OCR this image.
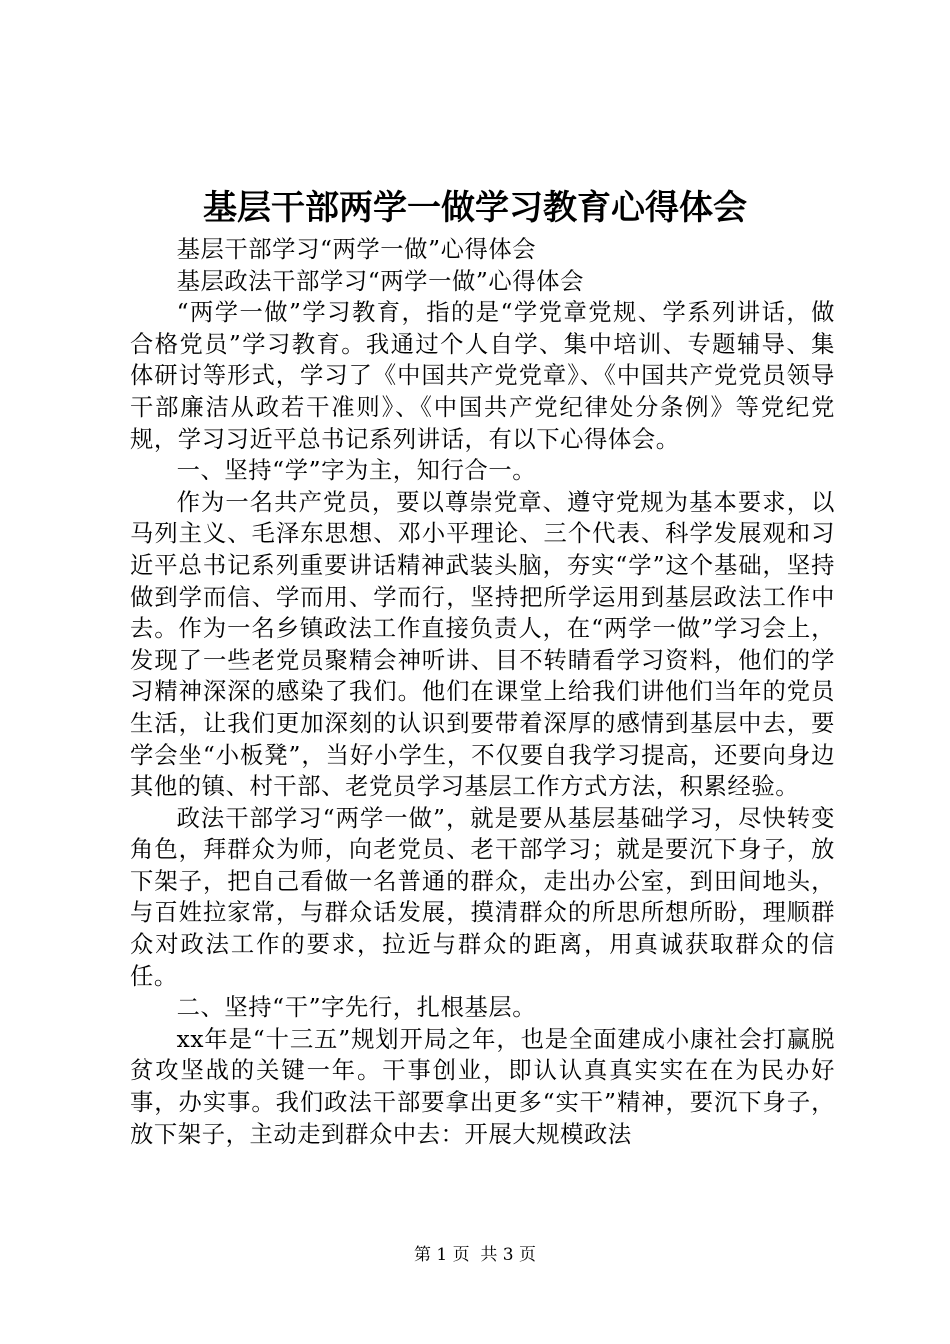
基层干部两学一做学习教育心得体会

基层干部学习“两学一做”心得体会

基层政法干部学习“两学一做”心得体会

“两学一做”学习教育，指的是“学党章党规、学系列讲话，做合格党员”学习教育。我通过个人自学、集中培训、专题辅导、集体研讨等形式，学习了《中国共产党党章》、《中国共产党党员领导干部廉洁从政若干准则》、《中国共产党纪律处分条例》等党纪党规，学习习近平总书记系列讲话，有以下心得体会。

一、坚持“学”字为主，知行合一。

作为一名共产党员，要以尊崇党章、遵守党规为基本要求，以马列主义、毛泽东思想、邓小平理论、三个代表、科学发展观和习近平总书记系列重要讲话精神武装头脑，夯实“学”这个基础，坚持做到学而信、学而用、学而行，坚持把所学运用到基层政法工作中去。作为一名乡镇政法工作直接负责人，在“两学一做”学习会上，发现了一些老党员聚精会神听讲、目不转睛看学习资料，他们的学习精神深深的感染了我们。他们在课堂上给我们讲他们当年的党员生活，让我们更加深刻的认识到要带着深厚的感情到基层中去，要学会坐“小板凳”，当好小学生，不仅要自我学习提高，还要向身边其他的镇、村干部、老党员学习基层工作方式方法，积累经验。

政法干部学习“两学一做”，就是要从基层基础学习，尽快转变角色，拜群众为师，向老党员、老干部学习；就是要沉下身子，放下架子，把自己看做一名普通的群众，走出办公室，到田间地头，与百姓拉家常，与群众话发展，摸清群众的所思所想所盼，理顺群众对政法工作的要求，拉近与群众的距离，用真诚获取群众的信任。

二、坚持“干”字先行，扎根基层。

xx年是“十三五”规划开局之年，也是全面建成小康社会打赢脱贫攻坚战的关键一年。干事创业，即认认真真实实在在为民办好事，办实事。我们政法干部要拿出更多“实干”精神，要沉下身子，放下架子，主动走到群众中去：开展大规模政法

第 1 页 共 3 页
